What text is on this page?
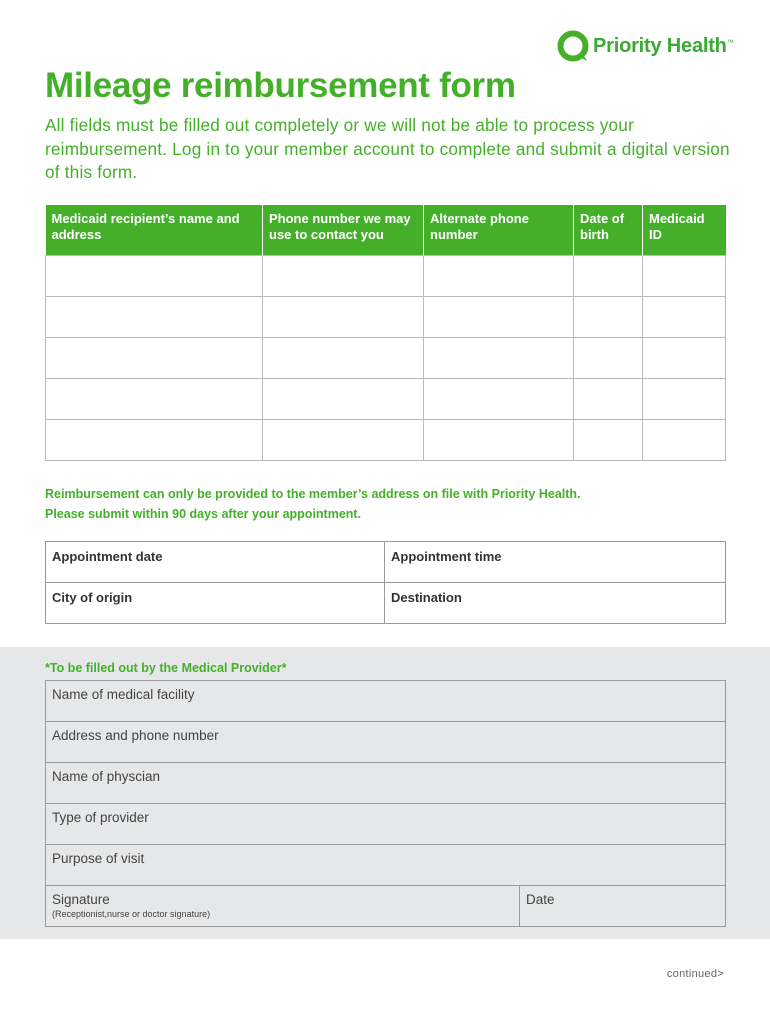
Priority Health™
Mileage reimbursement form

All fields must be filled out completely or we will not be able to process your reimbursement. Log in to your member account to complete and submit a digital version of this form.

Medicaid recipient’s name and address	Phone number we may use to contact you	Alternate phone number	Date of birth	Medicaid ID

Reimbursement can only be provided to the member’s address on file with Priority Health.
Please submit within 90 days after your appointment.

Appointment date	Appointment time
City of origin	Destination

*To be filled out by the Medical Provider*

Name of medical facility
Address and phone number
Name of physcian
Type of provider
Purpose of visit
Signature
(Receptionist,nurse or doctor signature)
	Date
continued>
